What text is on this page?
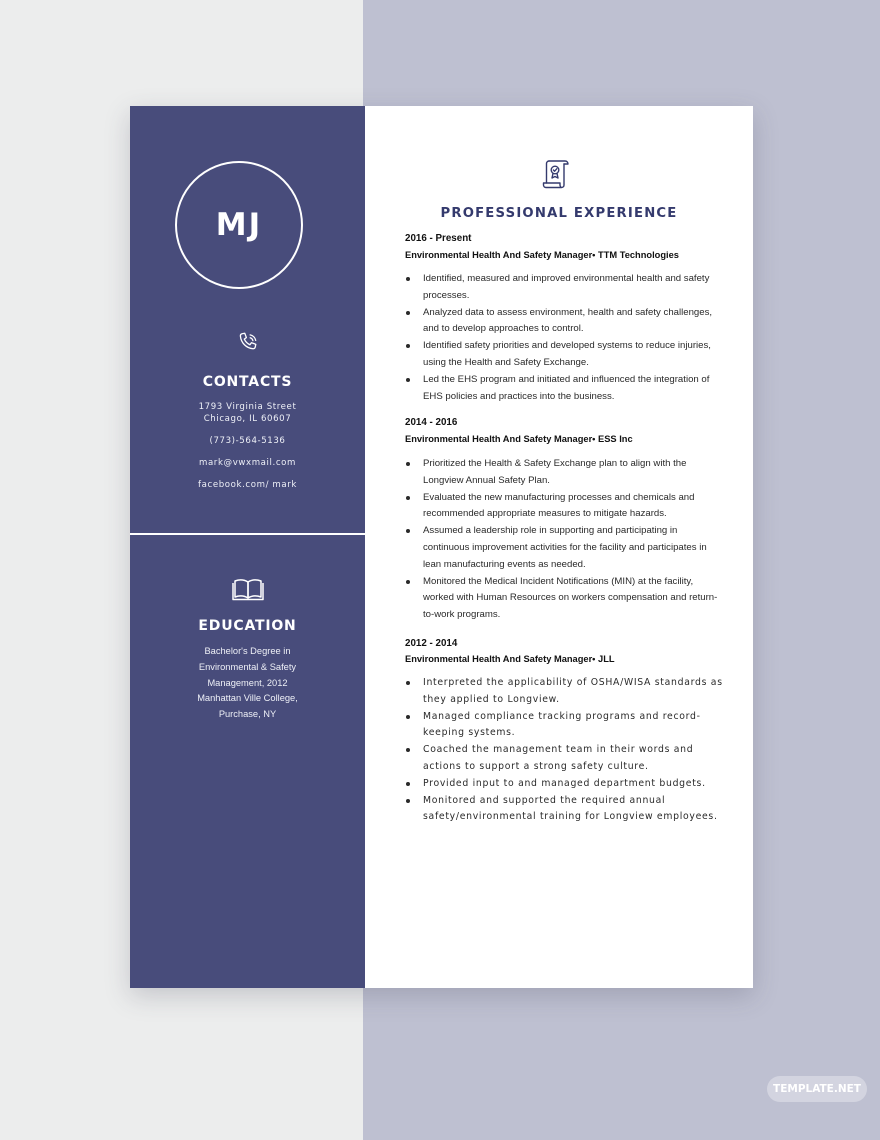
MJ
CONTACTS
1793 Virginia Street
Chicago, IL 60607
(773)-564-5136
mark@vwxmail.com
facebook.com/ mark
EDUCATION
Bachelor's Degree in
Environmental & Safety
Management, 2012
Manhattan Ville College,
Purchase, NY
PROFESSIONAL EXPERIENCE
2016 - Present
Environmental Health And Safety Manager• TTM Technologies
Identified, measured and improved environmental health and safety processes.
Analyzed data to assess environment, health and safety challenges, and to develop approaches to control.
Identified safety priorities and developed systems to reduce injuries, using the Health and Safety Exchange.
Led the EHS program and initiated and influenced the integration of EHS policies and practices into the business.
2014 - 2016
Environmental Health And Safety Manager• ESS Inc
Prioritized the Health & Safety Exchange plan to align with the Longview Annual Safety Plan.
Evaluated the new manufacturing processes and chemicals and recommended appropriate measures to mitigate hazards.
Assumed a leadership role in supporting and participating in continuous improvement activities for the facility and participates in lean manufacturing events as needed.
Monitored the Medical Incident Notifications (MIN) at the facility, worked with Human Resources on workers compensation and return-to-work programs.
2012 - 2014
Environmental Health And Safety Manager• JLL
Interpreted the applicability of OSHA/WISA standards as they applied to Longview.
Managed compliance tracking programs and record-keeping systems.
Coached the management team in their words and actions to support a strong safety culture.
Provided input to and managed department budgets.
Monitored and supported the required annual safety/environmental training for Longview employees.
TEMPLATE.NET
